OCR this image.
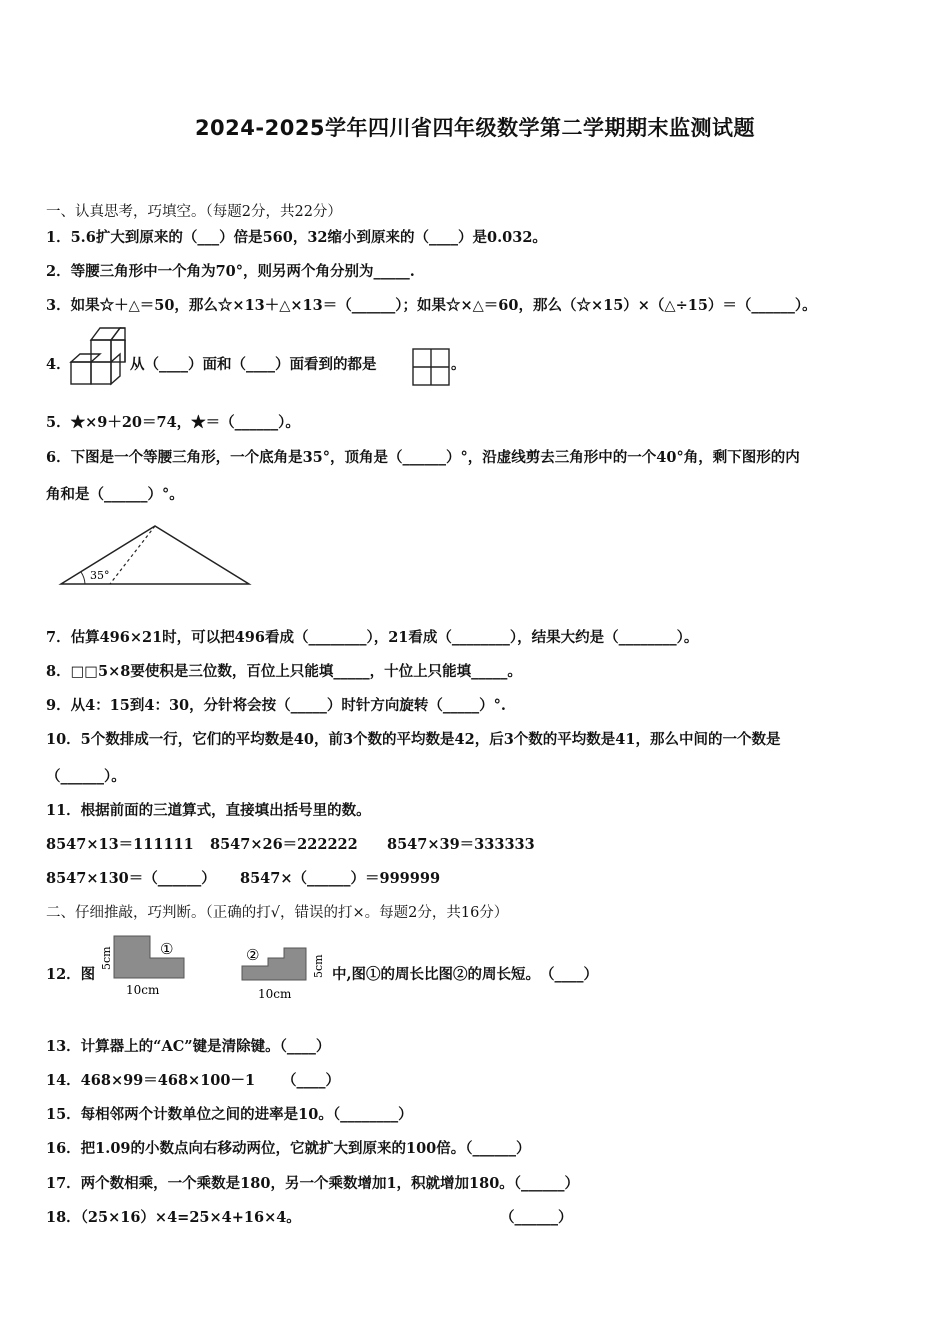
2024-2025学年四川省四年级数学第二学期期末监测试题
一、认真思考，巧填空。（每题2分，共22分）
1．5.6扩大到原来的（___）倍是560，32缩小到原来的（____）是0.032。
2．等腰三角形中一个角为70°，则另两个角分别为_____.
3．如果☆＋△＝50，那么☆×13＋△×13＝（______）；如果☆×△＝60，那么（☆×15）×（△÷15）＝（______）。
4．	从（____）面和（____）面看到的都是	。
5．★×9＋20＝74，★＝（______）。
6．下图是一个等腰三角形，一个底角是35°，顶角是（______）°，沿虚线剪去三角形中的一个40°角，剩下图形的内
角和是（______）°。
35°
7．估算496×21时，可以把496看成（________），21看成（________），结果大约是（________）。
8．□□5×8要使积是三位数，百位上只能填_____，十位上只能填_____。
9．从4：15到4：30，分针将会按（_____）时针方向旋转（_____）°.
10．5个数排成一行，它们的平均数是40，前3个数的平均数是42，后3个数的平均数是41，那么中间的一个数是
（______）。
11．根据前面的三道算式，直接填出括号里的数。
8547×13＝111111 8547×26＝222222 8547×39＝333333
8547×130＝（______） 8547×（______）＝999999
二、仔细推敲，巧判断。（正确的打√，错误的打×。每题2分，共16分）
12．图
①
5cm
10cm
②	5cm
10cm
中,图①的周长比图②的周长短。　（____）
13．计算器上的“AC”键是清除键。（____）
14．468×99＝468×100－1 （____）
15．每相邻两个计数单位之间的进率是10。（________）
16．把1.09的小数点向右移动两位，它就扩大到原来的100倍。（______）
17．两个数相乘，一个乘数是180，另一个乘数增加1，积就增加180。（______）
18．（25×16）×4=25×4+16×4。	（______）
